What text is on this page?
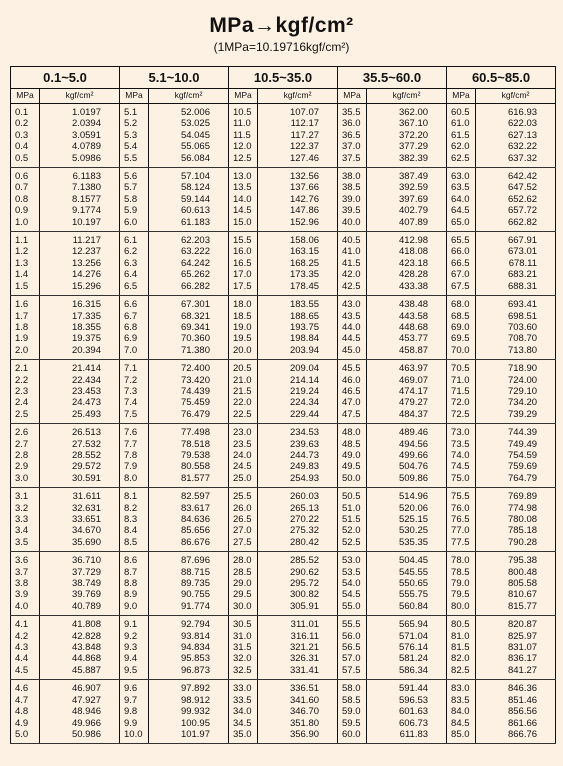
MPa→kgf/cm²
(1MPa=10.19716kgf/cm²)
0.1~5.0		5.1~10.0		10.5~35.0		35.5~60.0		60.5~85.0	
MPa	kgf/cm²	MPa	kgf/cm²	MPa	kgf/cm²	MPa	kgf/cm²	MPa	kgf/cm²
0.1	1.0197	5.1	52.006	10.5	107.07	35.5	362.00	60.5	616.93
0.2	2.0394	5.2	53.025	11.0	112.17	36.0	367.10	61.0	622.03
0.3	3.0591	5.3	54.045	11.5	117.27	36.5	372.20	61.5	627.13
0.4	4.0789	5.4	55.065	12.0	122.37	37.0	377.29	62.0	632.22
0.5	5.0986	5.5	56.084	12.5	127.46	37.5	382.39	62.5	637.32
0.6	6.1183	5.6	57.104	13.0	132.56	38.0	387.49	63.0	642.42
0.7	7.1380	5.7	58.124	13.5	137.66	38.5	392.59	63.5	647.52
0.8	8.1577	5.8	59.144	14.0	142.76	39.0	397.69	64.0	652.62
0.9	9.1774	5.9	60.613	14.5	147.86	39.5	402.79	64.5	657.72
1.0	10.197	6.0	61.183	15.0	152.96	40.0	407.89	65.0	662.82
1.1	11.217	6.1	62.203	15.5	158.06	40.5	412.98	65.5	667.91
1.2	12.237	6.2	63.222	16.0	163.15	41.0	418.08	66.0	673.01
1.3	13.256	6.3	64.242	16.5	168.25	41.5	423.18	66.5	678.11
1.4	14.276	6.4	65.262	17.0	173.35	42.0	428.28	67.0	683.21
1.5	15.296	6.5	66.282	17.5	178.45	42.5	433.38	67.5	688.31
1.6	16.315	6.6	67.301	18.0	183.55	43.0	438.48	68.0	693.41
1.7	17.335	6.7	68.321	18.5	188.65	43.5	443.58	68.5	698.51
1.8	18.355	6.8	69.341	19.0	193.75	44.0	448.68	69.0	703.60
1.9	19.375	6.9	70.360	19.5	198.84	44.5	453.77	69.5	708.70
2.0	20.394	7.0	71.380	20.0	203.94	45.0	458.87	70.0	713.80
2.1	21.414	7.1	72.400	20.5	209.04	45.5	463.97	70.5	718.90
2.2	22.434	7.2	73.420	21.0	214.14	46.0	469.07	71.0	724.00
2.3	23.453	7.3	74.439	21.5	219.24	46.5	474.17	71.5	729.10
2.4	24.473	7.4	75.459	22.0	224.34	47.0	479.27	72.0	734.20
2.5	25.493	7.5	76.479	22.5	229.44	47.5	484.37	72.5	739.29
2.6	26.513	7.6	77.498	23.0	234.53	48.0	489.46	73.0	744.39
2.7	27.532	7.7	78.518	23.5	239.63	48.5	494.56	73.5	749.49
2.8	28.552	7.8	79.538	24.0	244.73	49.0	499.66	74.0	754.59
2.9	29.572	7.9	80.558	24.5	249.83	49.5	504.76	74.5	759.69
3.0	30.591	8.0	81.577	25.0	254.93	50.0	509.86	75.0	764.79
3.1	31.611	8.1	82.597	25.5	260.03	50.5	514.96	75.5	769.89
3.2	32.631	8.2	83.617	26.0	265.13	51.0	520.06	76.0	774.98
3.3	33.651	8.3	84.636	26.5	270.22	51.5	525.15	76.5	780.08
3.4	34.670	8.4	85.656	27.0	275.32	52.0	530.25	77.0	785.18
3.5	35.690	8.5	86.676	27.5	280.42	52.5	535.35	77.5	790.28
3.6	36.710	8.6	87.696	28.0	285.52	53.0	504.45	78.0	795.38
3.7	37.729	8.7	88.715	28.5	290.62	53.5	545.55	78.5	800.48
3.8	38.749	8.8	89.735	29.0	295.72	54.0	550.65	79.0	805.58
3.9	39.769	8.9	90.755	29.5	300.82	54.5	555.75	79.5	810.67
4.0	40.789	9.0	91.774	30.0	305.91	55.0	560.84	80.0	815.77
4.1	41.808	9.1	92.794	30.5	311.01	55.5	565.94	80.5	820.87
4.2	42.828	9.2	93.814	31.0	316.11	56.0	571.04	81.0	825.97
4.3	43.848	9.3	94.834	31.5	321.21	56.5	576.14	81.5	831.07
4.4	44.868	9.4	95.853	32.0	326.31	57.0	581.24	82.0	836.17
4.5	45.887	9.5	96.873	32.5	331.41	57.5	586.34	82.5	841.27
4.6	46.907	9.6	97.892	33.0	336.51	58.0	591.44	83.0	846.36
4.7	47.927	9.7	98.912	33.5	341.60	58.5	596.53	83.5	851.46
4.8	48.946	9.8	99.932	34.0	346.70	59.0	601.63	84.0	856.56
4.9	49.966	9.9	100.95	34.5	351.80	59.5	606.73	84.5	861.66
5.0	50.986	10.0	101.97	35.0	356.90	60.0	611.83	85.0	866.76
